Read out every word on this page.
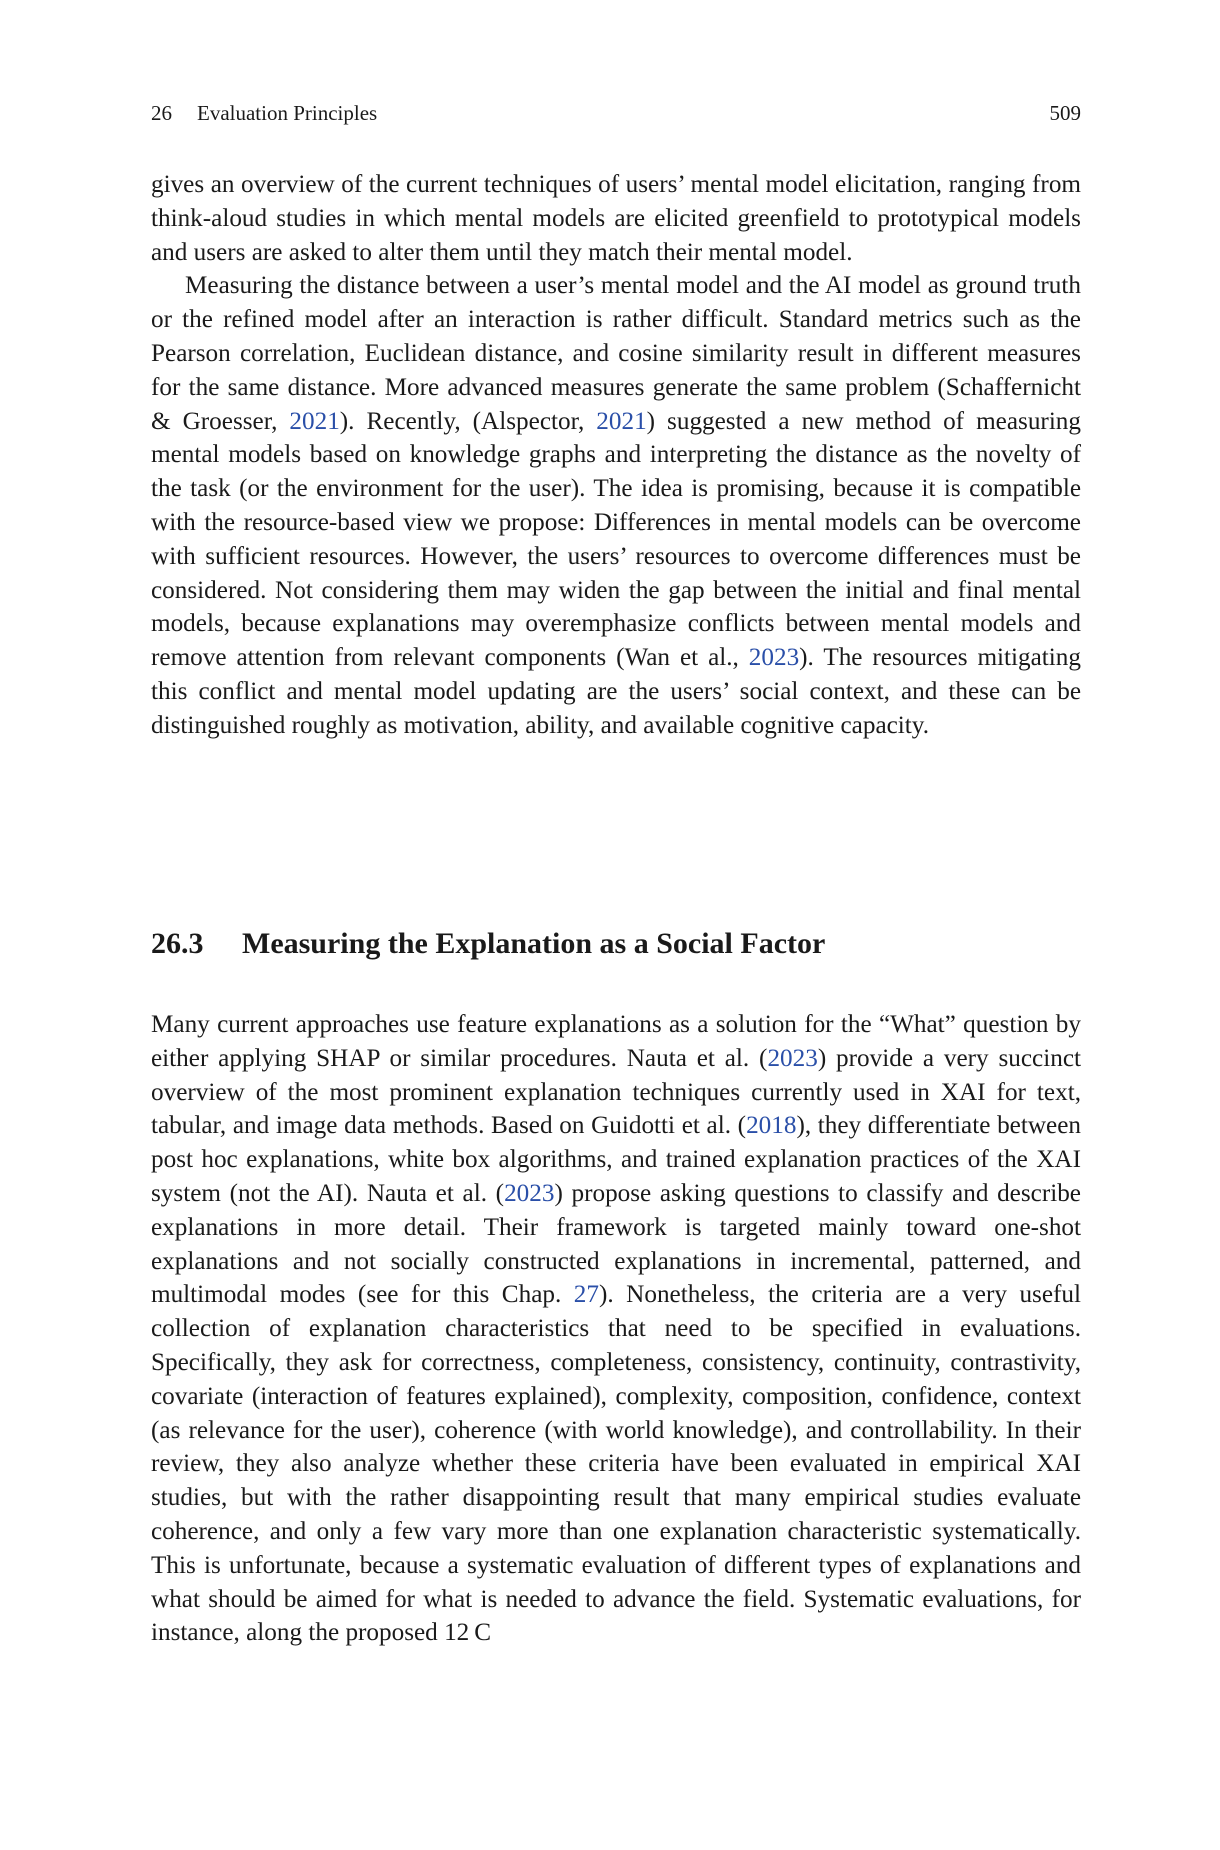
26 Evaluation Principles	509

gives an overview of the current techniques of users’ mental model elicitation, ranging from think-aloud studies in which mental models are elicited greenfield to prototypical models and users are asked to alter them until they match their mental model.

Measuring the distance between a user’s mental model and the AI model as ground truth or the refined model after an interaction is rather difficult. Standard metrics such as the Pearson correlation, Euclidean distance, and cosine similarity result in different measures for the same distance. More advanced measures generate the same problem (Schaffernicht & Groesser, 2021). Recently, (Alspector, 2021) suggested a new method of measuring mental models based on knowledge graphs and interpreting the distance as the novelty of the task (or the environment for the user). The idea is promising, because it is compatible with the resource-based view we propose: Differences in mental models can be overcome with sufficient resources. However, the users’ resources to overcome differences must be considered. Not considering them may widen the gap between the initial and final mental models, because explanations may overemphasize conflicts between mental models and remove attention from relevant components (Wan et al., 2023). The resources mitigating this conflict and mental model updating are the users’ social context, and these can be distinguished roughly as motivation, ability, and available cognitive capacity.

26.3 Measuring the Explanation as a Social Factor

Many current approaches use feature explanations as a solution for the “What” question by either applying SHAP or similar procedures. Nauta et al. (2023) provide a very succinct overview of the most prominent explanation techniques currently used in XAI for text, tabular, and image data methods. Based on Guidotti et al. (2018), they differentiate between post hoc explanations, white box algorithms, and trained explanation practices of the XAI system (not the AI). Nauta et al. (2023) propose asking questions to classify and describe explanations in more detail. Their framework is targeted mainly toward one-shot explanations and not socially constructed explanations in incremental, patterned, and multimodal modes (see for this Chap. 27). Nonetheless, the criteria are a very useful collection of explanation characteristics that need to be specified in evaluations. Specifically, they ask for correctness, completeness, consistency, continuity, contrastivity, covariate (interaction of features explained), complexity, composition, confidence, context (as relevance for the user), coherence (with world knowledge), and controllability. In their review, they also analyze whether these criteria have been evaluated in empirical XAI studies, but with the rather disappointing result that many empirical studies evaluate coherence, and only a few vary more than one explanation characteristic systematically. This is unfortunate, because a systematic evaluation of different types of explanations and what should be aimed for what is needed to advance the field. Systematic evaluations, for instance, along the proposed 12 C
